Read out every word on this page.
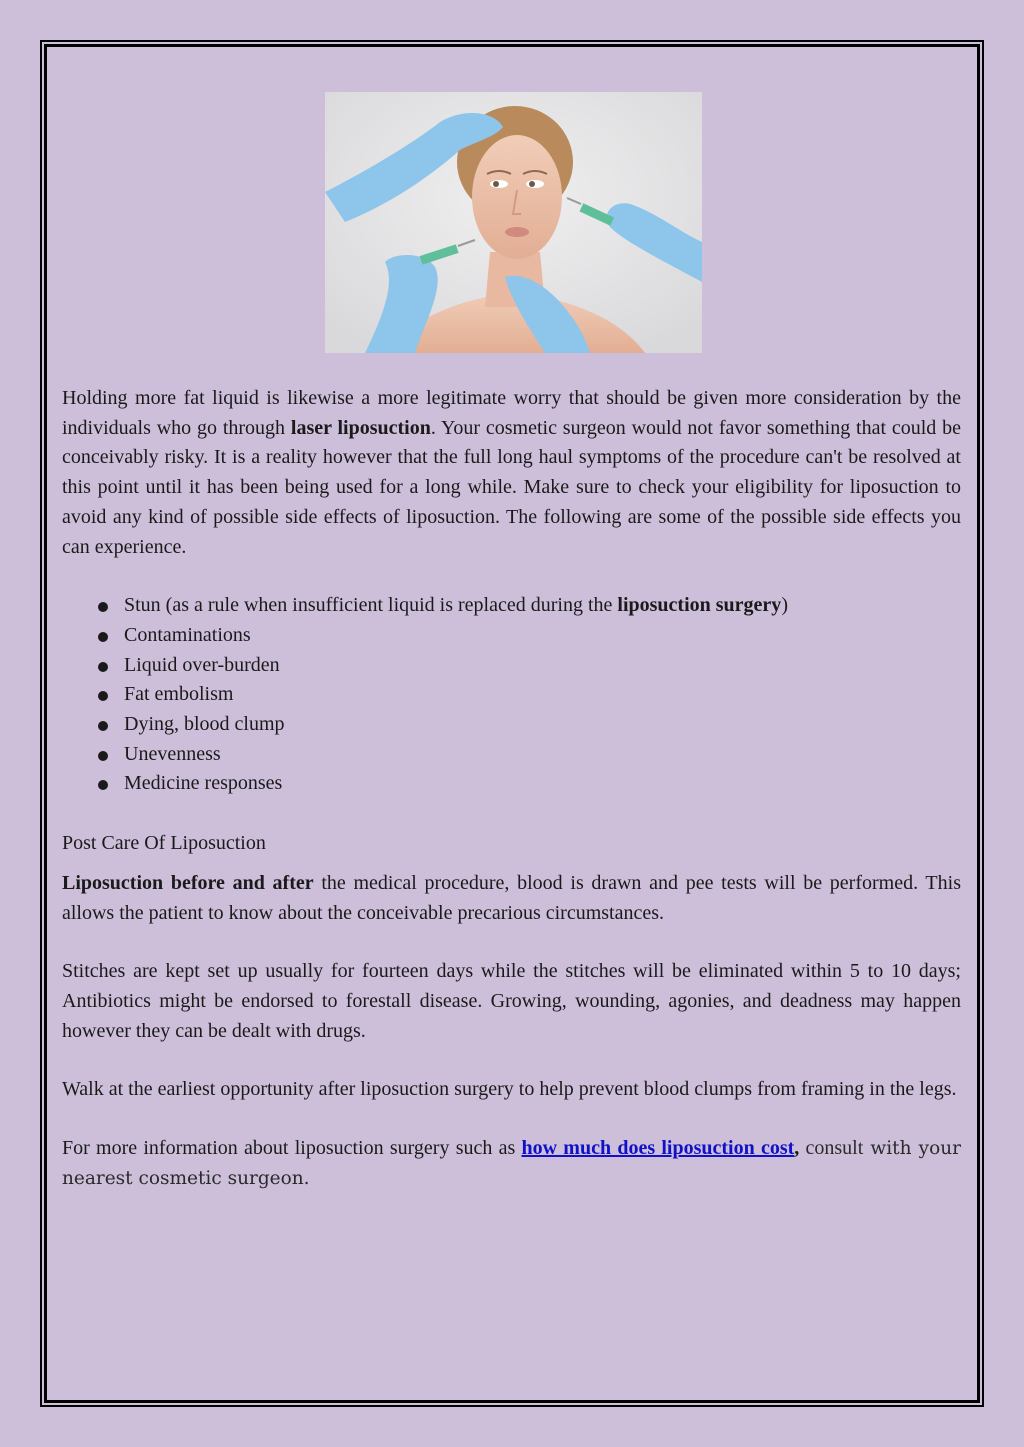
Holding more fat liquid is likewise a more legitimate worry that should be given more consideration by the individuals who go through laser liposuction. Your cosmetic surgeon would not favor something that could be conceivably risky. It is a reality however that the full long haul symptoms of the procedure can't be resolved at this point until it has been being used for a long while. Make sure to check your eligibility for liposuction to avoid any kind of possible side effects of liposuction. The following are some of the possible side effects you can experience.

Stun (as a rule when insufficient liquid is replaced during the liposuction surgery)
Contaminations
Liquid over-burden
Fat embolism
Dying, blood clump
Unevenness
Medicine responses

Post Care Of Liposuction

Liposuction before and after the medical procedure, blood is drawn and pee tests will be performed. This allows the patient to know about the conceivable precarious circumstances.

Stitches are kept set up usually for fourteen days while the stitches will be eliminated within 5 to 10 days; Antibiotics might be endorsed to forestall disease. Growing, wounding, agonies, and deadness may happen however they can be dealt with drugs.

Walk at the earliest opportunity after liposuction surgery to help prevent blood clumps from framing in the legs.

For more information about liposuction surgery such as how much does liposuction cost, consult with your nearest cosmetic surgeon.
